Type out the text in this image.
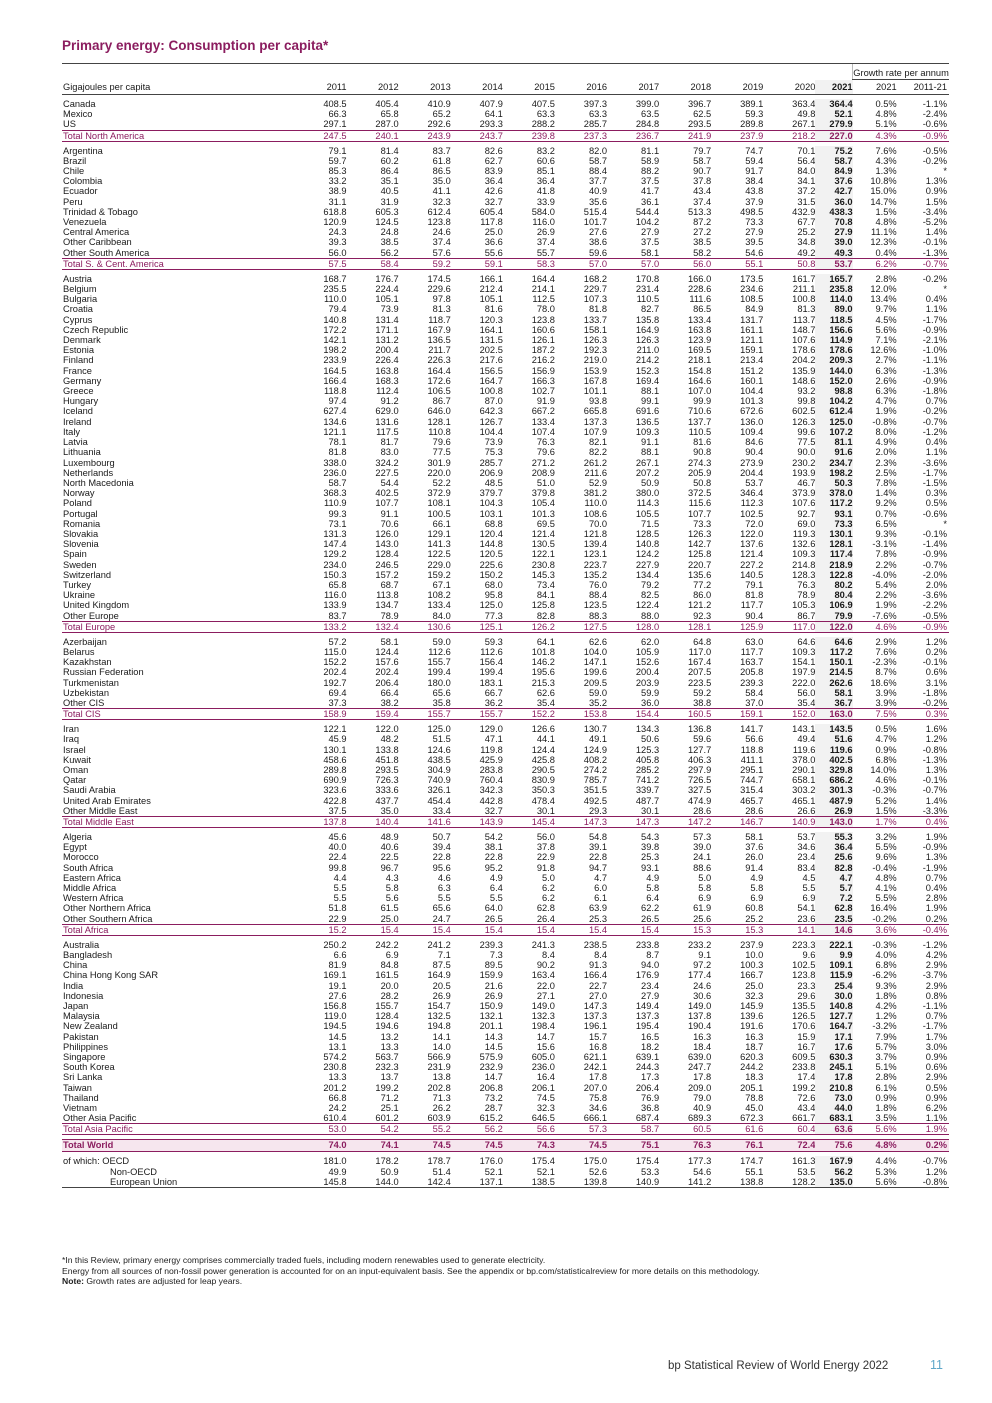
Primary energy: Consumption per capita*
												Growth rate per annum	
Gigajoules per capita	2011	2012	2013	2014	2015	2016	2017	2018	2019	2020	2021	2021	2011-21

Canada	408.5	405.4	410.9	407.9	407.5	397.3	399.0	396.7	389.1	363.4	364.4	0.5%	-1.1%
Mexico	66.3	65.8	65.2	64.1	63.3	63.3	63.5	62.5	59.3	49.8	52.1	4.8%	-2.4%
US	297.1	287.0	292.6	293.3	288.2	285.7	284.8	293.5	289.8	267.1	279.9	5.1%	-0.6%
Total North America	247.5	240.1	243.9	243.7	239.8	237.3	236.7	241.9	237.9	218.2	227.0	4.3%	-0.9%

Argentina	79.1	81.4	83.7	82.6	83.2	82.0	81.1	79.7	74.7	70.1	75.2	7.6%	-0.5%
Brazil	59.7	60.2	61.8	62.7	60.6	58.7	58.9	58.7	59.4	56.4	58.7	4.3%	-0.2%
Chile	85.3	86.4	86.5	83.9	85.1	88.4	88.2	90.7	91.7	84.0	84.9	1.3%	*
Colombia	33.2	35.1	35.0	36.4	36.4	37.7	37.5	37.8	38.4	34.1	37.6	10.8%	1.3%
Ecuador	38.9	40.5	41.1	42.6	41.8	40.9	41.7	43.4	43.8	37.2	42.7	15.0%	0.9%
Peru	31.1	31.9	32.3	32.7	33.9	35.6	36.1	37.4	37.9	31.5	36.0	14.7%	1.5%
Trinidad & Tobago	618.8	605.3	612.4	605.4	584.0	515.4	544.4	513.3	498.5	432.9	438.3	1.5%	-3.4%
Venezuela	120.9	124.5	123.8	117.8	116.0	101.7	104.2	87.2	73.3	67.7	70.8	4.8%	-5.2%
Central America	24.3	24.8	24.6	25.0	26.9	27.6	27.9	27.2	27.9	25.2	27.9	11.1%	1.4%
Other Caribbean	39.3	38.5	37.4	36.6	37.4	38.6	37.5	38.5	39.5	34.8	39.0	12.3%	-0.1%
Other South America	56.0	56.2	57.6	55.6	55.7	59.6	58.1	58.2	54.6	49.2	49.3	0.4%	-1.3%
Total S. & Cent. America	57.5	58.4	59.2	59.1	58.3	57.0	57.0	56.0	55.1	50.8	53.7	6.2%	-0.7%

Austria	168.7	176.7	174.5	166.1	164.4	168.2	170.8	166.0	173.5	161.7	165.7	2.8%	-0.2%
Belgium	235.5	224.4	229.6	212.4	214.1	229.7	231.4	228.6	234.6	211.1	235.8	12.0%	*
Bulgaria	110.0	105.1	97.8	105.1	112.5	107.3	110.5	111.6	108.5	100.8	114.0	13.4%	0.4%
Croatia	79.4	73.9	81.3	81.6	78.0	81.8	82.7	86.5	84.9	81.3	89.0	9.7%	1.1%
Cyprus	140.8	131.4	118.7	120.3	123.8	133.7	135.8	133.4	131.7	113.7	118.5	4.5%	-1.7%
Czech Republic	172.2	171.1	167.9	164.1	160.6	158.1	164.9	163.8	161.1	148.7	156.6	5.6%	-0.9%
Denmark	142.1	131.2	136.5	131.5	126.1	126.3	126.3	123.9	121.1	107.6	114.9	7.1%	-2.1%
Estonia	198.2	200.4	211.7	202.5	187.2	192.3	211.0	169.5	159.1	178.6	178.6	12.6%	-1.0%
Finland	233.9	226.4	226.3	217.6	216.2	219.0	214.2	218.1	213.4	204.2	209.3	2.7%	-1.1%
France	164.5	163.8	164.4	156.5	156.9	153.9	152.3	154.8	151.2	135.9	144.0	6.3%	-1.3%
Germany	166.4	168.3	172.6	164.7	166.3	167.8	169.4	164.6	160.1	148.6	152.0	2.6%	-0.9%
Greece	118.8	112.4	106.5	100.8	102.7	101.1	88.1	107.0	104.4	93.2	98.8	6.3%	-1.8%
Hungary	97.4	91.2	86.7	87.0	91.9	93.8	99.1	99.9	101.3	99.8	104.2	4.7%	0.7%
Iceland	627.4	629.0	646.0	642.3	667.2	665.8	691.6	710.6	672.6	602.5	612.4	1.9%	-0.2%
Ireland	134.6	131.6	128.1	126.7	133.4	137.3	136.5	137.7	136.0	126.3	125.0	-0.8%	-0.7%
Italy	121.1	117.5	110.8	104.4	107.4	107.9	109.3	110.5	109.4	99.6	107.2	8.0%	-1.2%
Latvia	78.1	81.7	79.6	73.9	76.3	82.1	91.1	81.6	84.6	77.5	81.1	4.9%	0.4%
Lithuania	81.8	83.0	77.5	75.3	79.6	82.2	88.1	90.8	90.4	90.0	91.6	2.0%	1.1%
Luxembourg	338.0	324.2	301.9	285.7	271.2	261.2	267.1	274.3	273.9	230.2	234.7	2.3%	-3.6%
Netherlands	236.0	227.5	220.0	206.9	208.9	211.6	207.2	205.9	204.4	193.9	198.2	2.5%	-1.7%
North Macedonia	58.7	54.4	52.2	48.5	51.0	52.9	50.9	50.8	53.7	46.7	50.3	7.8%	-1.5%
Norway	368.3	402.5	372.9	379.7	379.8	381.2	380.0	372.5	346.4	373.9	378.0	1.4%	0.3%
Poland	110.9	107.7	108.1	104.3	105.4	110.0	114.3	115.6	112.3	107.6	117.2	9.2%	0.5%
Portugal	99.3	91.1	100.5	103.1	101.3	108.6	105.5	107.7	102.5	92.7	93.1	0.7%	-0.6%
Romania	73.1	70.6	66.1	68.8	69.5	70.0	71.5	73.3	72.0	69.0	73.3	6.5%	*
Slovakia	131.3	126.0	129.1	120.4	121.4	121.8	128.5	126.3	122.0	119.3	130.1	9.3%	-0.1%
Slovenia	147.4	143.0	141.3	144.8	130.5	139.4	140.8	142.7	137.6	132.6	128.1	-3.1%	-1.4%
Spain	129.2	128.4	122.5	120.5	122.1	123.1	124.2	125.8	121.4	109.3	117.4	7.8%	-0.9%
Sweden	234.0	246.5	229.0	225.6	230.8	223.7	227.9	220.7	227.2	214.8	218.9	2.2%	-0.7%
Switzerland	150.3	157.2	159.2	150.2	145.3	135.2	134.4	135.6	140.5	128.3	122.8	-4.0%	-2.0%
Turkey	65.8	68.7	67.1	68.0	73.4	76.0	79.2	77.2	79.1	76.3	80.2	5.4%	2.0%
Ukraine	116.0	113.8	108.2	95.8	84.1	88.4	82.5	86.0	81.8	78.9	80.4	2.2%	-3.6%
United Kingdom	133.9	134.7	133.4	125.0	125.8	123.5	122.4	121.2	117.7	105.3	106.9	1.9%	-2.2%
Other Europe	83.7	78.9	84.0	77.3	82.8	88.3	88.0	92.3	90.4	86.7	79.9	-7.6%	-0.5%
Total Europe	133.2	132.4	130.6	125.1	126.2	127.5	128.0	128.1	125.9	117.0	122.0	4.6%	-0.9%

Azerbaijan	57.2	58.1	59.0	59.3	64.1	62.6	62.0	64.8	63.0	64.6	64.6	2.9%	1.2%
Belarus	115.0	124.4	112.6	112.6	101.8	104.0	105.9	117.0	117.7	109.3	117.2	7.6%	0.2%
Kazakhstan	152.2	157.6	155.7	156.4	146.2	147.1	152.6	167.4	163.7	154.1	150.1	-2.3%	-0.1%
Russian Federation	202.4	202.4	199.4	199.4	195.6	199.6	200.4	207.5	205.8	197.9	214.5	8.7%	0.6%
Turkmenistan	192.7	206.4	180.0	183.1	215.3	209.5	203.9	223.5	239.3	222.0	262.6	18.6%	3.1%
Uzbekistan	69.4	66.4	65.6	66.7	62.6	59.0	59.9	59.2	58.4	56.0	58.1	3.9%	-1.8%
Other CIS	37.3	38.2	35.8	36.2	35.4	35.2	36.0	38.8	37.0	35.4	36.7	3.9%	-0.2%
Total CIS	158.9	159.4	155.7	155.7	152.2	153.8	154.4	160.5	159.1	152.0	163.0	7.5%	0.3%

Iran	122.1	122.0	125.0	129.0	126.6	130.7	134.3	136.8	141.7	143.1	143.5	0.5%	1.6%
Iraq	45.9	48.2	51.5	47.1	44.1	49.1	50.6	59.6	56.6	49.4	51.6	4.7%	1.2%
Israel	130.1	133.8	124.6	119.8	124.4	124.9	125.3	127.7	118.8	119.6	119.6	0.9%	-0.8%
Kuwait	458.6	451.8	438.5	425.9	425.8	408.2	405.8	406.3	411.1	378.0	402.5	6.8%	-1.3%
Oman	289.8	293.5	304.9	283.8	290.5	274.2	285.2	297.9	295.1	290.1	329.8	14.0%	1.3%
Qatar	690.9	726.3	740.9	760.4	830.9	785.7	741.2	726.5	744.7	658.1	686.2	4.6%	-0.1%
Saudi Arabia	323.6	333.6	326.1	342.3	350.3	351.5	339.7	327.5	315.4	303.2	301.3	-0.3%	-0.7%
United Arab Emirates	422.8	437.7	454.4	442.8	478.4	492.5	487.7	474.9	465.7	465.1	487.9	5.2%	1.4%
Other Middle East	37.5	35.0	33.4	32.7	30.1	29.3	30.1	28.6	28.6	26.6	26.9	1.5%	-3.3%
Total Middle East	137.8	140.4	141.6	143.9	145.4	147.3	147.3	147.2	146.7	140.9	143.0	1.7%	0.4%

Algeria	45.6	48.9	50.7	54.2	56.0	54.8	54.3	57.3	58.1	53.7	55.3	3.2%	1.9%
Egypt	40.0	40.6	39.4	38.1	37.8	39.1	39.8	39.0	37.6	34.6	36.4	5.5%	-0.9%
Morocco	22.4	22.5	22.8	22.8	22.9	22.8	25.3	24.1	26.0	23.4	25.6	9.6%	1.3%
South Africa	99.8	96.7	95.6	95.2	91.8	94.7	93.1	88.6	91.4	83.4	82.8	-0.4%	-1.9%
Eastern Africa	4.4	4.3	4.6	4.9	5.0	4.7	4.9	5.0	4.9	4.5	4.7	4.8%	0.7%
Middle Africa	5.5	5.8	6.3	6.4	6.2	6.0	5.8	5.8	5.8	5.5	5.7	4.1%	0.4%
Western Africa	5.5	5.6	5.5	5.5	6.2	6.1	6.4	6.9	6.9	6.9	7.2	5.5%	2.8%
Other Northern Africa	51.8	61.5	65.6	64.0	62.8	63.9	62.2	61.9	60.8	54.1	62.8	16.4%	1.9%
Other Southern Africa	22.9	25.0	24.7	26.5	26.4	25.3	26.5	25.6	25.2	23.6	23.5	-0.2%	0.2%
Total Africa	15.2	15.4	15.4	15.4	15.4	15.4	15.4	15.3	15.3	14.1	14.6	3.6%	-0.4%

Australia	250.2	242.2	241.2	239.3	241.3	238.5	233.8	233.2	237.9	223.3	222.1	-0.3%	-1.2%
Bangladesh	6.6	6.9	7.1	7.3	8.4	8.4	8.7	9.1	10.0	9.6	9.9	4.0%	4.2%
China	81.9	84.8	87.5	89.5	90.2	91.3	94.0	97.2	100.3	102.5	109.1	6.8%	2.9%
China Hong Kong SAR	169.1	161.5	164.9	159.9	163.4	166.4	176.9	177.4	166.7	123.8	115.9	-6.2%	-3.7%
India	19.1	20.0	20.5	21.6	22.0	22.7	23.4	24.6	25.0	23.3	25.4	9.3%	2.9%
Indonesia	27.6	28.2	26.9	26.9	27.1	27.0	27.9	30.6	32.3	29.6	30.0	1.8%	0.8%
Japan	156.8	155.7	154.7	150.9	149.0	147.3	149.4	149.0	145.9	135.5	140.8	4.2%	-1.1%
Malaysia	119.0	128.4	132.5	132.1	132.3	137.3	137.3	137.8	139.6	126.5	127.7	1.2%	0.7%
New Zealand	194.5	194.6	194.8	201.1	198.4	196.1	195.4	190.4	191.6	170.6	164.7	-3.2%	-1.7%
Pakistan	14.5	13.2	14.1	14.3	14.7	15.7	16.5	16.3	16.3	15.9	17.1	7.9%	1.7%
Philippines	13.1	13.3	14.0	14.5	15.6	16.8	18.2	18.4	18.7	16.7	17.6	5.7%	3.0%
Singapore	574.2	563.7	566.9	575.9	605.0	621.1	639.1	639.0	620.3	609.5	630.3	3.7%	0.9%
South Korea	230.8	232.3	231.9	232.9	236.0	242.1	244.3	247.7	244.2	233.8	245.1	5.1%	0.6%
Sri Lanka	13.3	13.7	13.8	14.7	16.4	17.8	17.3	17.8	18.3	17.4	17.8	2.8%	2.9%
Taiwan	201.2	199.2	202.8	206.8	206.1	207.0	206.4	209.0	205.1	199.2	210.8	6.1%	0.5%
Thailand	66.8	71.2	71.3	73.2	74.5	75.8	76.9	79.0	78.8	72.6	73.0	0.9%	0.9%
Vietnam	24.2	25.1	26.2	28.7	32.3	34.6	36.8	40.9	45.0	43.4	44.0	1.8%	6.2%
Other Asia Pacific	610.4	601.2	603.9	615.2	646.5	666.1	687.4	689.3	672.3	661.7	683.1	3.5%	1.1%
Total Asia Pacific	53.0	54.2	55.2	56.2	56.6	57.3	58.7	60.5	61.6	60.4	63.6	5.6%	1.9%

Total World	74.0	74.1	74.5	74.5	74.3	74.5	75.1	76.3	76.1	72.4	75.6	4.8%	0.2%

of which: OECD	181.0	178.2	178.7	176.0	175.4	175.0	175.4	177.3	174.7	161.3	167.9	4.4%	-0.7%
Non-OECD	49.9	50.9	51.4	52.1	52.1	52.6	53.3	54.6	55.1	53.5	56.2	5.3%	1.2%
European Union	145.8	144.0	142.4	137.1	138.5	139.8	140.9	141.2	138.8	128.2	135.0	5.6%	-0.8%
*In this Review, primary energy comprises commercially traded fuels, including modern renewables used to generate electricity.
Energy from all sources of non-fossil power generation is accounted for on an input-equivalent basis. See the appendix or bp.com/statisticalreview for more details on this methodology.
Note: Growth rates are adjusted for leap years.
bp Statistical Review of World Energy 2022	11
